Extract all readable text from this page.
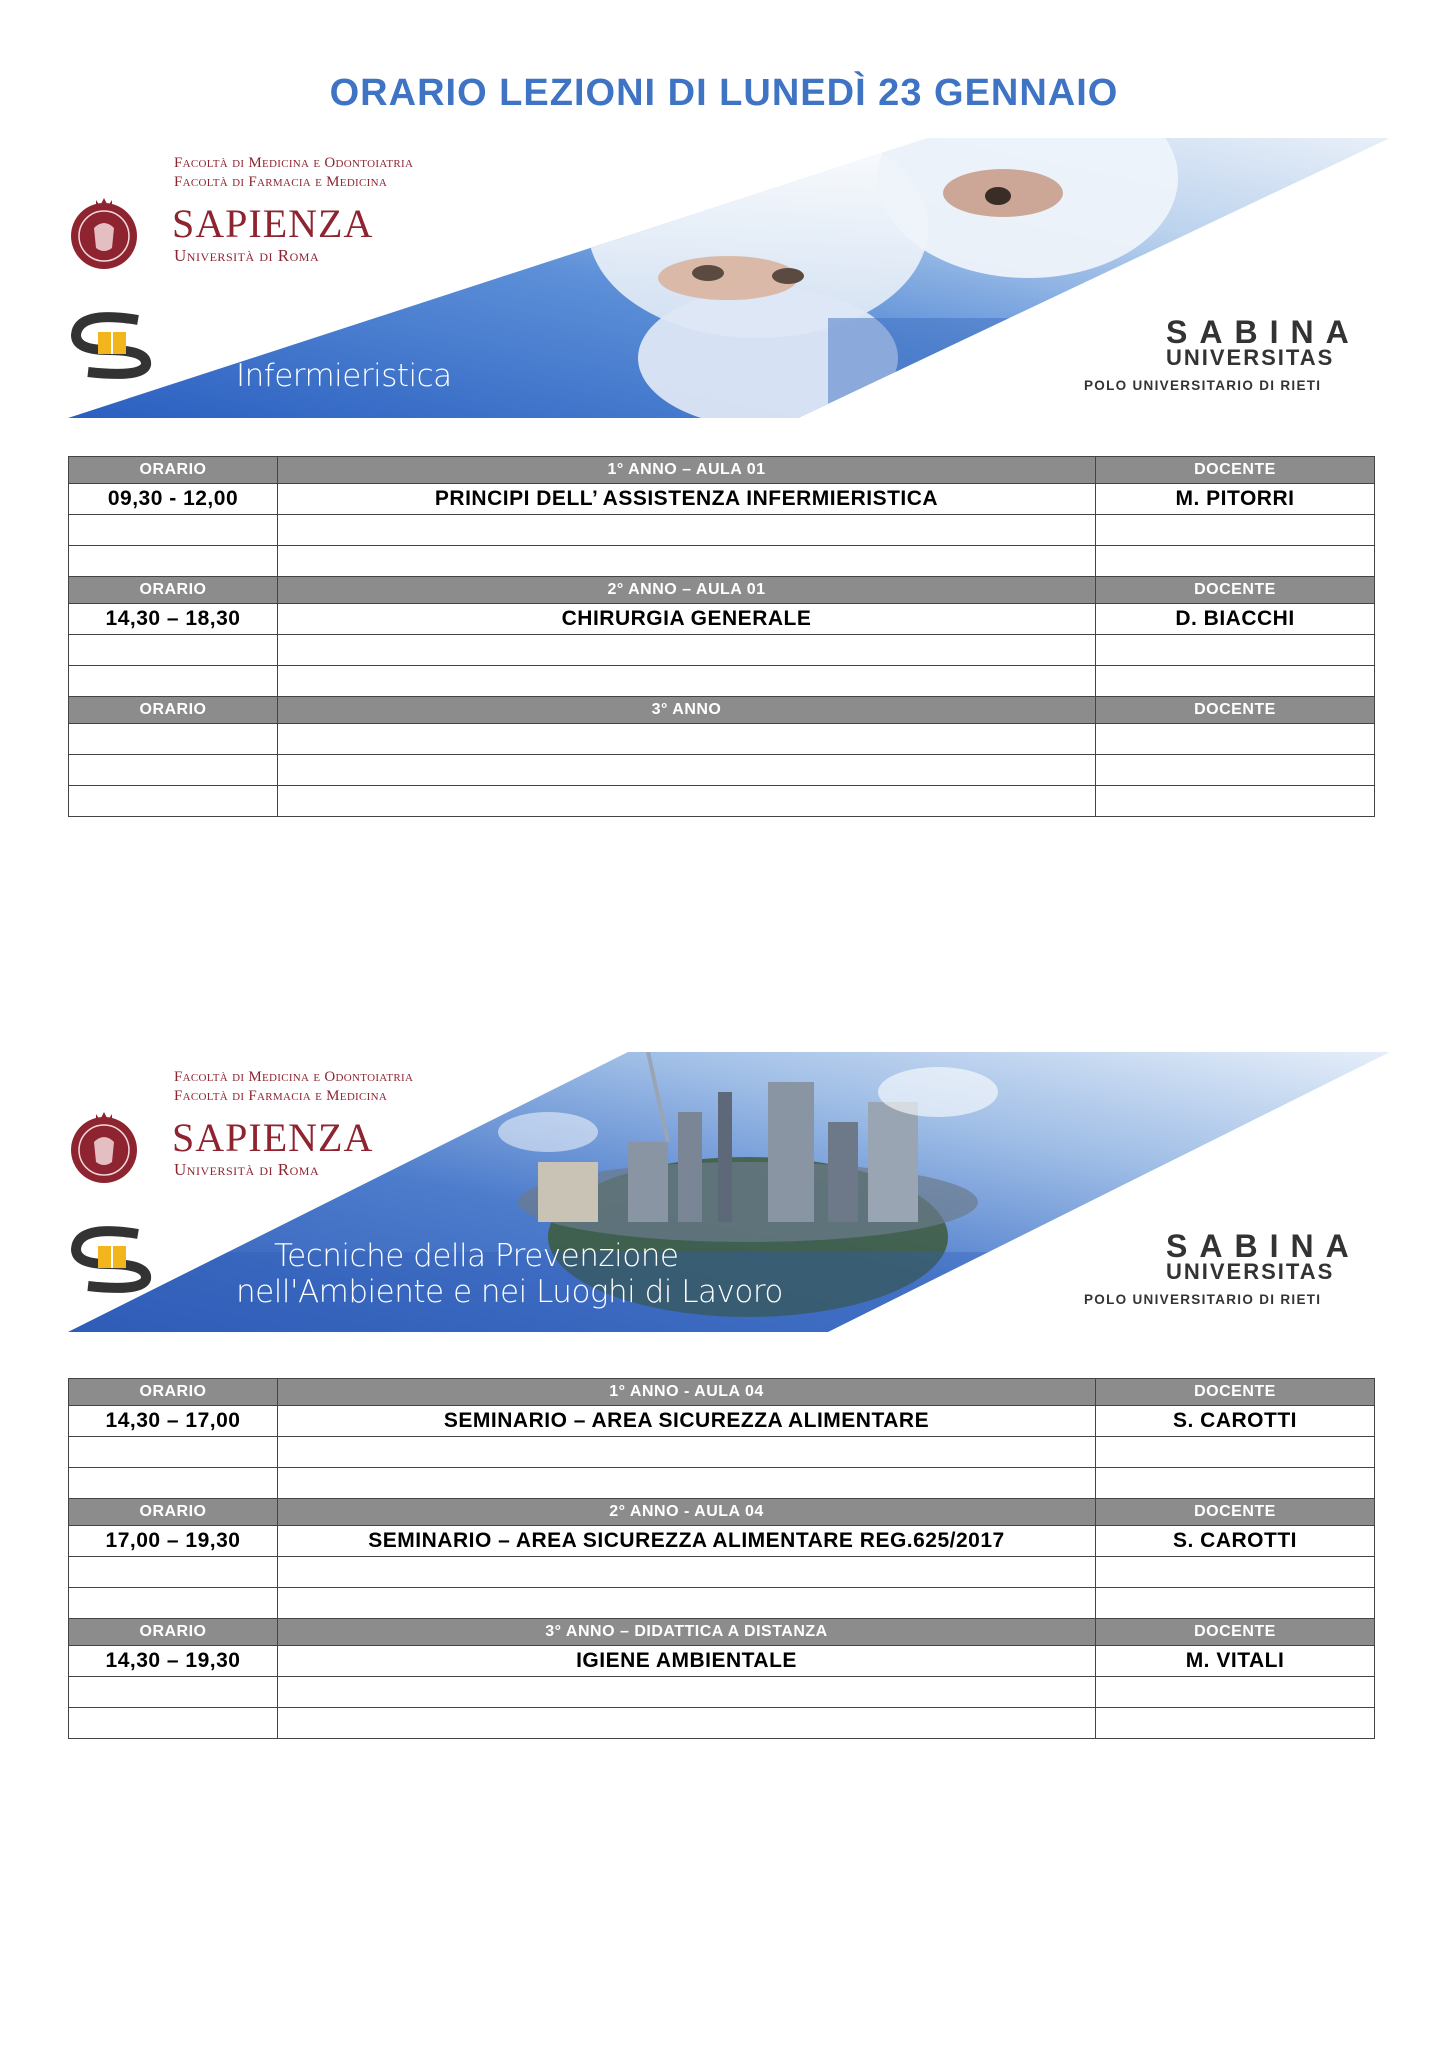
ORARIO LEZIONI DI LUNEDÌ 23 GENNAIO
Facoltà di Medicina e Odontoiatria
Facoltà di Farmacia e Medicina
SAPIENZA
Università di Roma
Infermieristica
SABINA
UNIVERSITAS
POLO UNIVERSITARIO DI RIETI
ORARIO	1° ANNO – AULA 01	DOCENTE
09,30 - 12,00	PRINCIPI DELL’ ASSISTENZA INFERMIERISTICA	M. PITORRI

ORARIO	2° ANNO – AULA 01	DOCENTE
14,30 – 18,30	CHIRURGIA GENERALE	D. BIACCHI

ORARIO	3° ANNO	DOCENTE

Facoltà di Medicina e Odontoiatria
Facoltà di Farmacia e Medicina
SAPIENZA
Università di Roma
Tecniche della Prevenzione
nell'Ambiente e nei Luoghi di Lavoro
SABINA
UNIVERSITAS
POLO UNIVERSITARIO DI RIETI
ORARIO	1° ANNO - AULA 04	DOCENTE
14,30 – 17,00	SEMINARIO – AREA SICUREZZA ALIMENTARE	S. CAROTTI

ORARIO	2° ANNO - AULA 04	DOCENTE
17,00 – 19,30	SEMINARIO – AREA SICUREZZA ALIMENTARE REG.625/2017	S. CAROTTI

ORARIO	3° ANNO – DIDATTICA A DISTANZA	DOCENTE
14,30 – 19,30	IGIENE AMBIENTALE	M. VITALI
